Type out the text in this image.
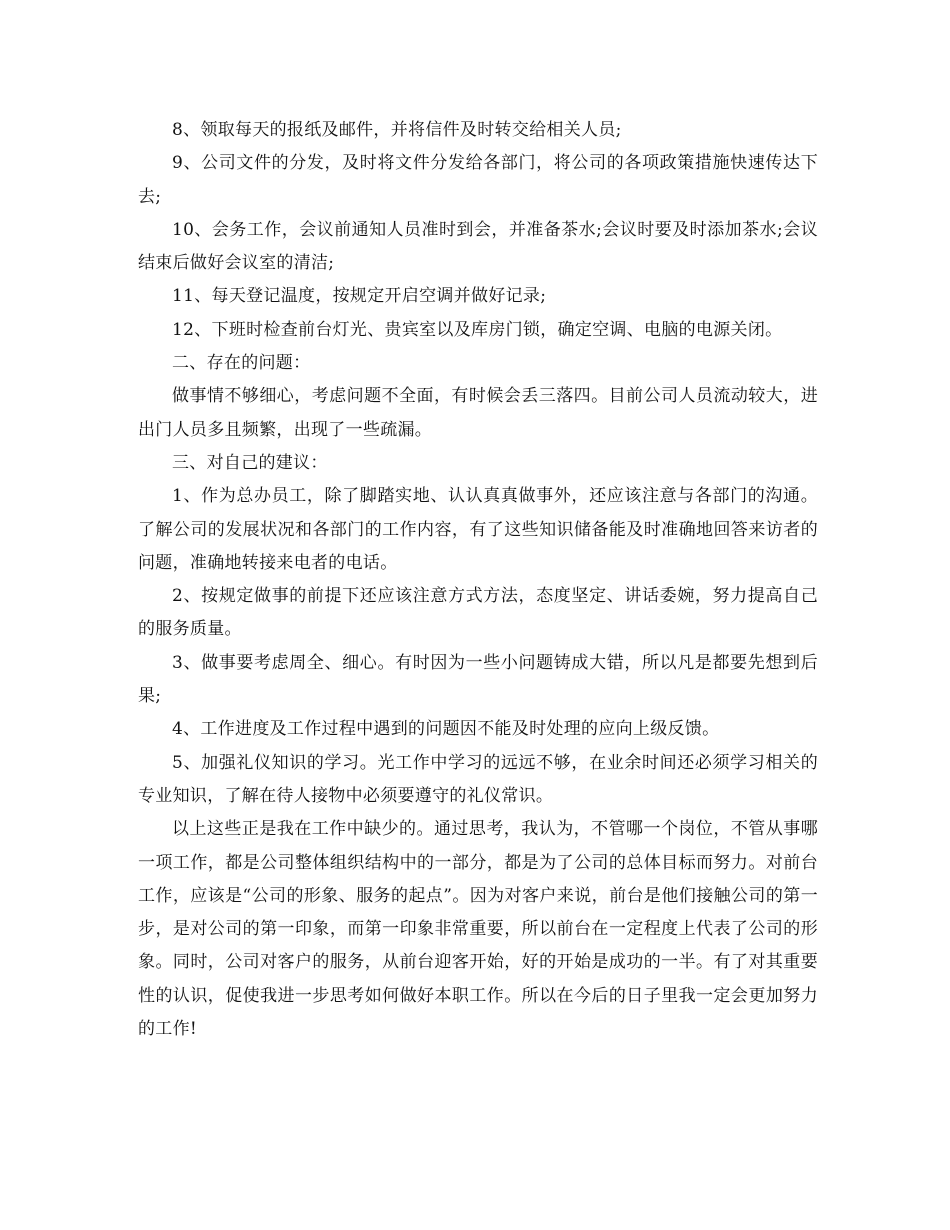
8、领取每天的报纸及邮件，并将信件及时转交给相关人员;

9、公司文件的分发，及时将文件分发给各部门，将公司的各项政策措施快速传达下去;

10、会务工作，会议前通知人员准时到会，并准备茶水;会议时要及时添加茶水;会议结束后做好会议室的清洁;

11、每天登记温度，按规定开启空调并做好记录;

12、下班时检查前台灯光、贵宾室以及库房门锁，确定空调、电脑的电源关闭。

二、存在的问题：

做事情不够细心，考虑问题不全面，有时候会丢三落四。目前公司人员流动较大，进出门人员多且频繁，出现了一些疏漏。

三、对自己的建议：

1、作为总办员工，除了脚踏实地、认认真真做事外，还应该注意与各部门的沟通。了解公司的发展状况和各部门的工作内容，有了这些知识储备能及时准确地回答来访者的问题，准确地转接来电者的电话。

2、按规定做事的前提下还应该注意方式方法，态度坚定、讲话委婉，努力提高自己的服务质量。

3、做事要考虑周全、细心。有时因为一些小问题铸成大错，所以凡是都要先想到后果;

4、工作进度及工作过程中遇到的问题因不能及时处理的应向上级反馈。

5、加强礼仪知识的学习。光工作中学习的远远不够，在业余时间还必须学习相关的专业知识，了解在待人接物中必须要遵守的礼仪常识。

以上这些正是我在工作中缺少的。通过思考，我认为，不管哪一个岗位，不管从事哪一项工作，都是公司整体组织结构中的一部分，都是为了公司的总体目标而努力。对前台工作，应该是“公司的形象、服务的起点”。因为对客户来说，前台是他们接触公司的第一步，是对公司的第一印象，而第一印象非常重要，所以前台在一定程度上代表了公司的形象。同时，公司对客户的服务，从前台迎客开始，好的开始是成功的一半。有了对其重要性的认识，促使我进一步思考如何做好本职工作。所以在今后的日子里我一定会更加努力的工作!
